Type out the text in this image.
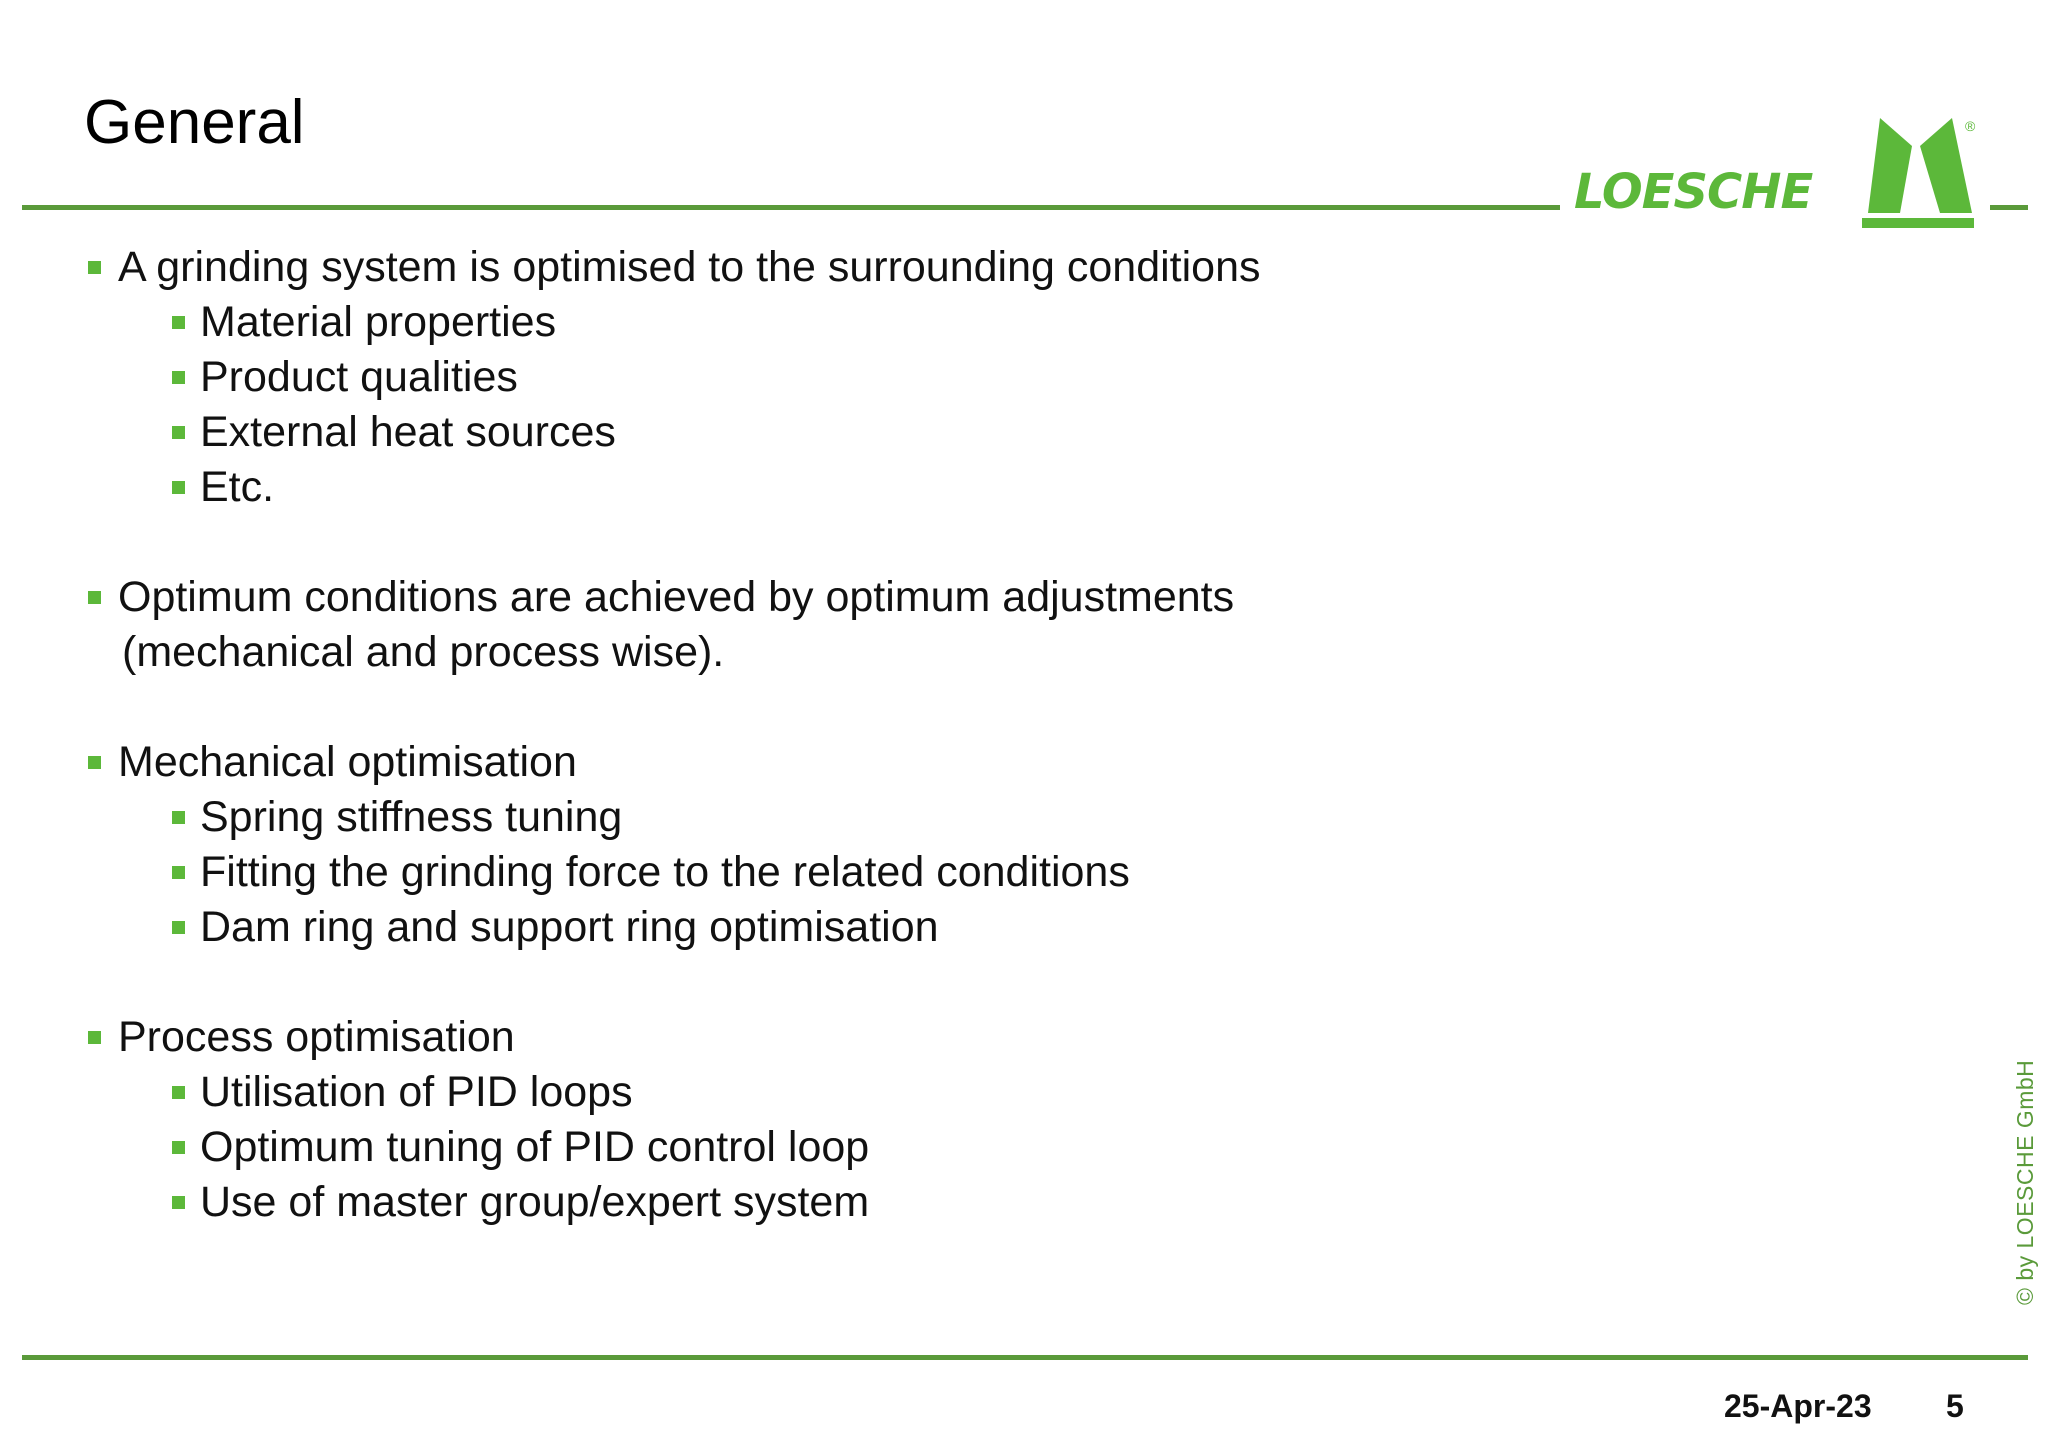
General
LOESCHE
®
A grinding system is optimised to the surrounding conditions
Material properties
Product qualities
External heat sources
Etc.
Optimum conditions are achieved by optimum adjustments
(mechanical and process wise).
Mechanical optimisation
Spring stiffness tuning
Fitting the grinding force to the related conditions
Dam ring and support ring optimisation
Process optimisation
Utilisation of PID loops
Optimum tuning of PID control loop
Use of master group/expert system	© by LOESCHE GmbH
25-Apr-23 5
